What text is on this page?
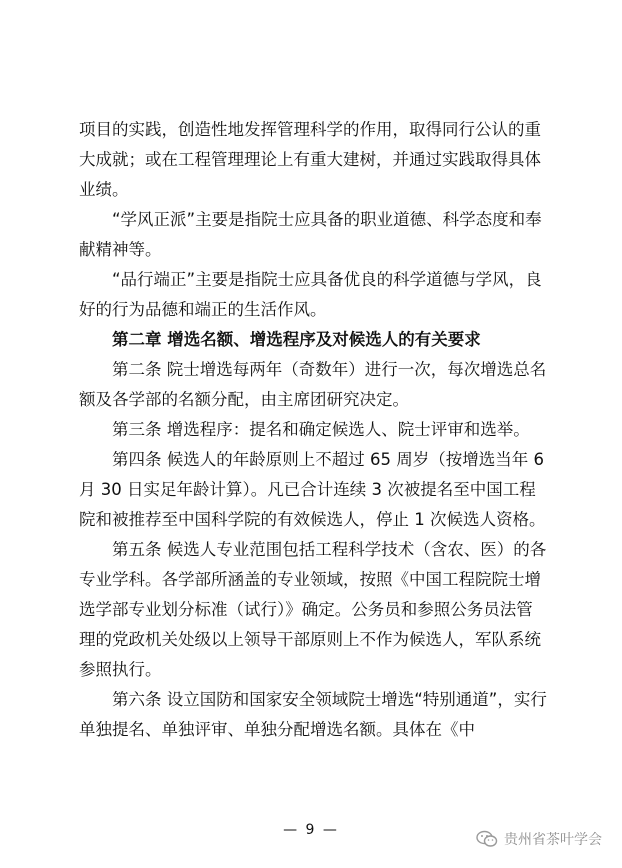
项目的实践，创造性地发挥管理科学的作用，取得同行公认的重大成就；或在工程管理理论上有重大建树，并通过实践取得具体业绩。

“学风正派”主要是指院士应具备的职业道德、科学态度和奉献精神等。

“品行端正”主要是指院士应具备优良的科学道德与学风，良好的行为品德和端正的生活作风。

第二章 增选名额、增选程序及对候选人的有关要求

第二条 院士增选每两年（奇数年）进行一次，每次增选总名额及各学部的名额分配，由主席团研究决定。

第三条 增选程序：提名和确定候选人、院士评审和选举。

第四条 候选人的年龄原则上不超过 65 周岁（按增选当年 6 月 30 日实足年龄计算）。凡已合计连续 3 次被提名至中国工程院和被推荐至中国科学院的有效候选人，停止 1 次候选人资格。

第五条 候选人专业范围包括工程科学技术（含农、医）的各专业学科。各学部所涵盖的专业领域，按照《中国工程院院士增选学部专业划分标准（试行）》确定。公务员和参照公务员法管理的党政机关处级以上领导干部原则上不作为候选人，军队系统参照执行。

第六条 设立国防和国家安全领域院士增选“特别通道”，实行单独提名、单独评审、单独分配增选名额。具体在《中

— 9 —
贵州省茶叶学会
